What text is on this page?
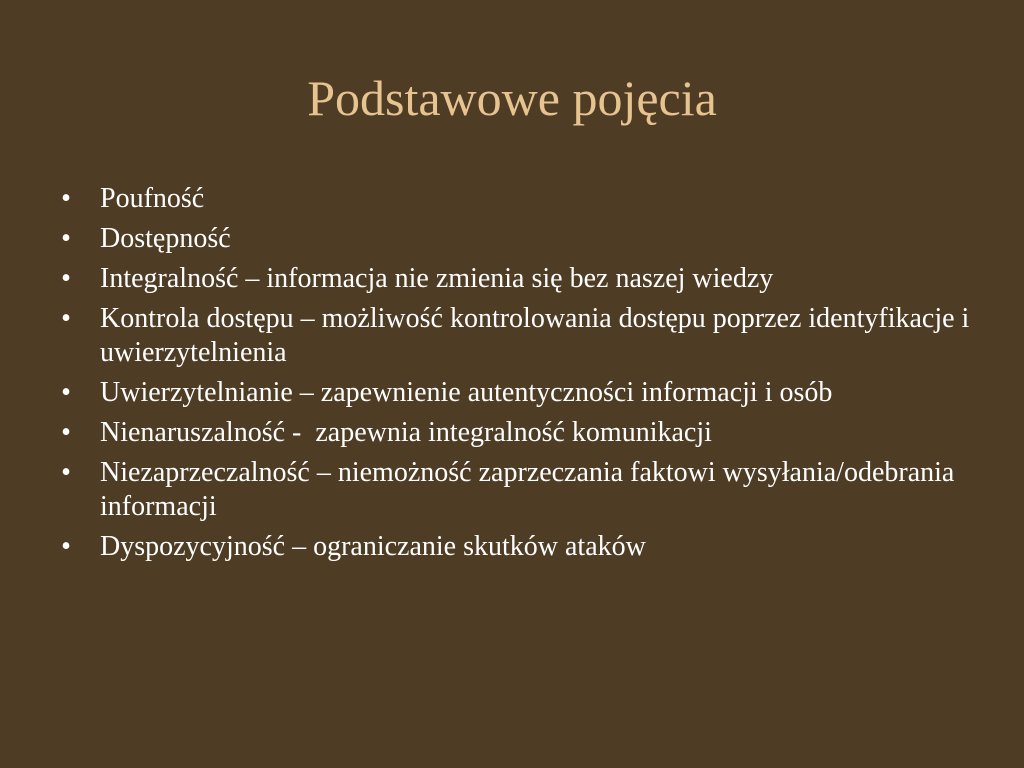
Podstawowe pojęcia
• Poufność
• Dostępność
• Integralność – informacja nie zmienia się bez naszej wiedzy
• Kontrola dostępu – możliwość kontrolowania dostępu poprzez identyfikacje i uwierzytelnienia
• Uwierzytelnianie – zapewnienie autentyczności informacji i osób
• Nienaruszalność -  zapewnia integralność komunikacji
• Niezaprzeczalność – niemożność zaprzeczania faktowi wysyłania/odebrania informacji
• Dyspozycyjność – ograniczanie skutków ataków
